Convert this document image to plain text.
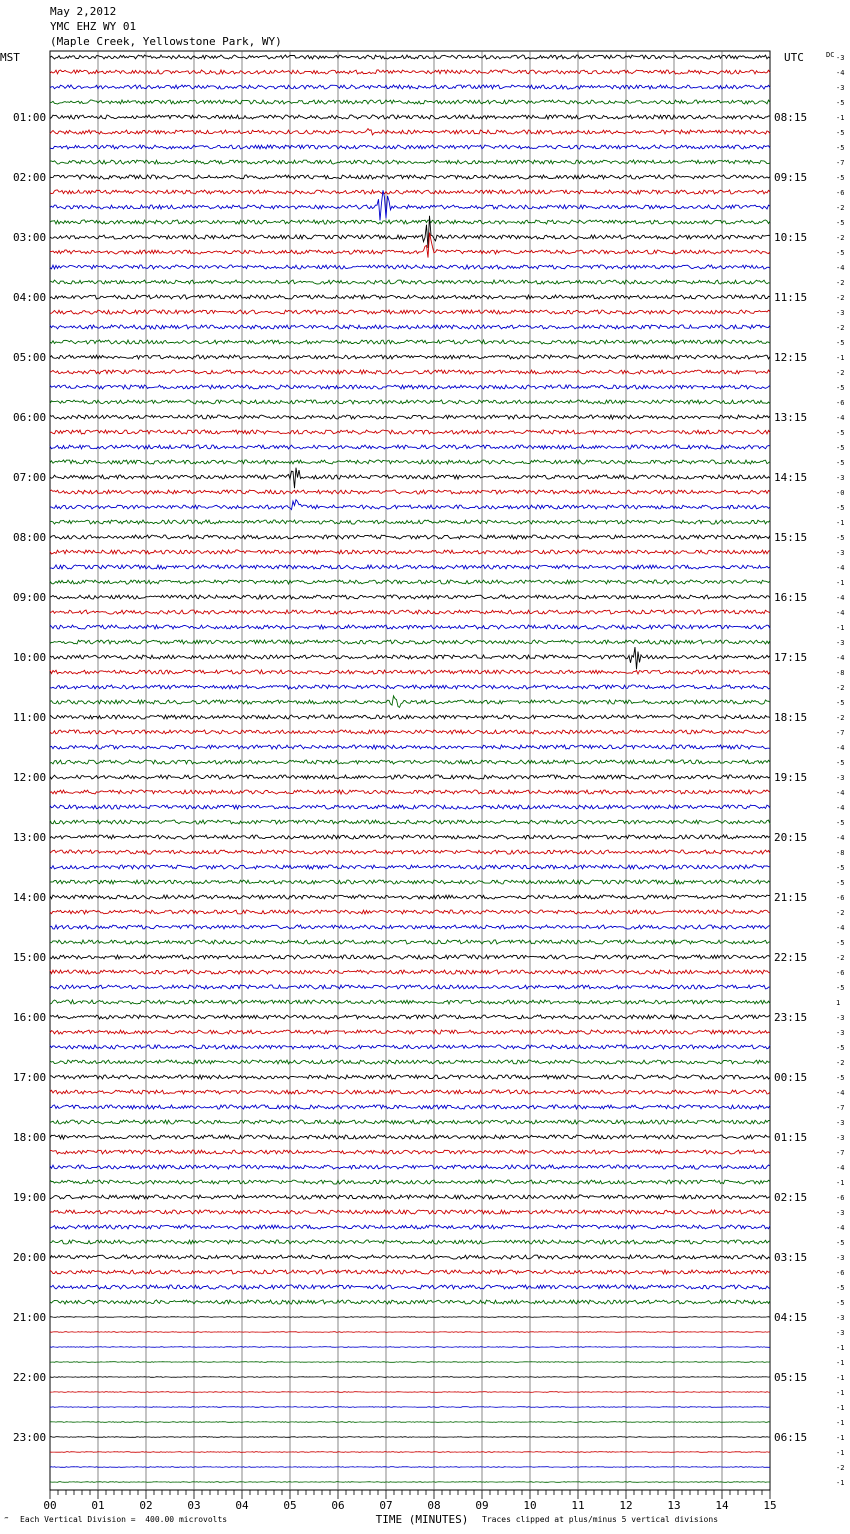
May 2,2012
YMC EHZ WY 01
(Maple Creek, Yellowstone Park, WY)
-3
-4
-3
-5
-1
-5
-5
-7
-5
-6
-2
-5
-2
-5
-4
-2
-2
-3
-2
-5
-1
-2
-5
-6
-4
-5
-5
-5
-3
-0
-5
-1
-5
-3
-4
-1
-4
-4
-1
-3
-4
-8
-2
-5
-2
-7
-4
-5
-3
-4
-4
-5
-4
-8
-5
-5
-6
-2
-4
-5
-2
-6
-5
1
-3
-3
-5
-2
-5
-4
-7
-3
-3
-7
-4
-1
-6
-3
-4
-5
-3
-6
-5
-5
-3
-3
-1
-1
-1
-1
-1
-1
-1
-1
-2
-1
MST	UTC	DC
01:00
02:00
03:00
04:00
05:00
06:00
07:00
08:00
09:00
10:00
11:00
12:00
13:00
14:00
15:00
16:00
17:00
18:00
19:00
20:00
21:00
22:00
23:00
08:15
09:15
10:15
11:15
12:15
13:15
14:15
15:15
16:15
17:15
18:15
19:15
20:15
21:15
22:15
23:15
00:15
01:15
02:15
03:15
04:15
05:15
06:15
00	01	02	03	04	05	06	07	08	09	10	11	12	13	14	15
TIME (MINUTES)
‴ Each Vertical Division =  400.00 microvolts	Traces clipped at plus/minus 5 vertical divisions
